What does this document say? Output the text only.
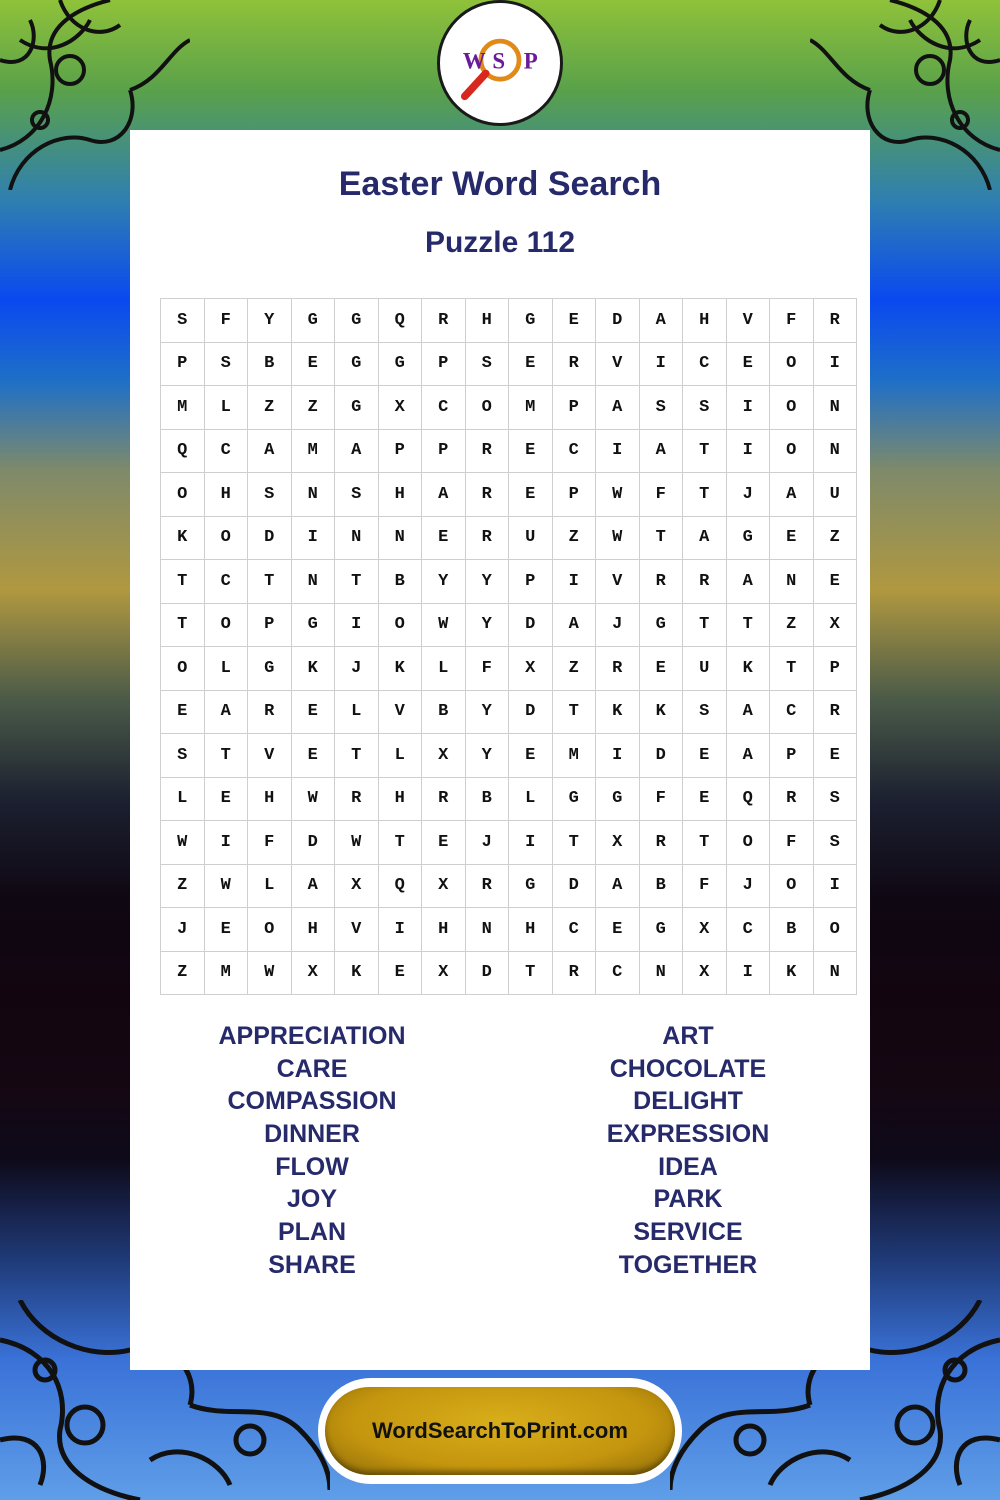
W S P
Easter Word Search
Puzzle 112
S	F	Y	G	G	Q	R	H	G	E	D	A	H	V	F	R
P	S	B	E	G	G	P	S	E	R	V	I	C	E	O	I
M	L	Z	Z	G	X	C	O	M	P	A	S	S	I	O	N
Q	C	A	M	A	P	P	R	E	C	I	A	T	I	O	N
O	H	S	N	S	H	A	R	E	P	W	F	T	J	A	U
K	O	D	I	N	N	E	R	U	Z	W	T	A	G	E	Z
T	C	T	N	T	B	Y	Y	P	I	V	R	R	A	N	E
T	O	P	G	I	O	W	Y	D	A	J	G	T	T	Z	X
O	L	G	K	J	K	L	F	X	Z	R	E	U	K	T	P
E	A	R	E	L	V	B	Y	D	T	K	K	S	A	C	R
S	T	V	E	T	L	X	Y	E	M	I	D	E	A	P	E
L	E	H	W	R	H	R	B	L	G	G	F	E	Q	R	S
W	I	F	D	W	T	E	J	I	T	X	R	T	O	F	S
Z	W	L	A	X	Q	X	R	G	D	A	B	F	J	O	I
J	E	O	H	V	I	H	N	H	C	E	G	X	C	B	O
Z	M	W	X	K	E	X	D	T	R	C	N	X	I	K	N
APPRECIATION
CARE
COMPASSION
DINNER
FLOW
JOY
PLAN
SHARE
ART
CHOCOLATE
DELIGHT
EXPRESSION
IDEA
PARK
SERVICE
TOGETHER
WordSearchToPrint.com
